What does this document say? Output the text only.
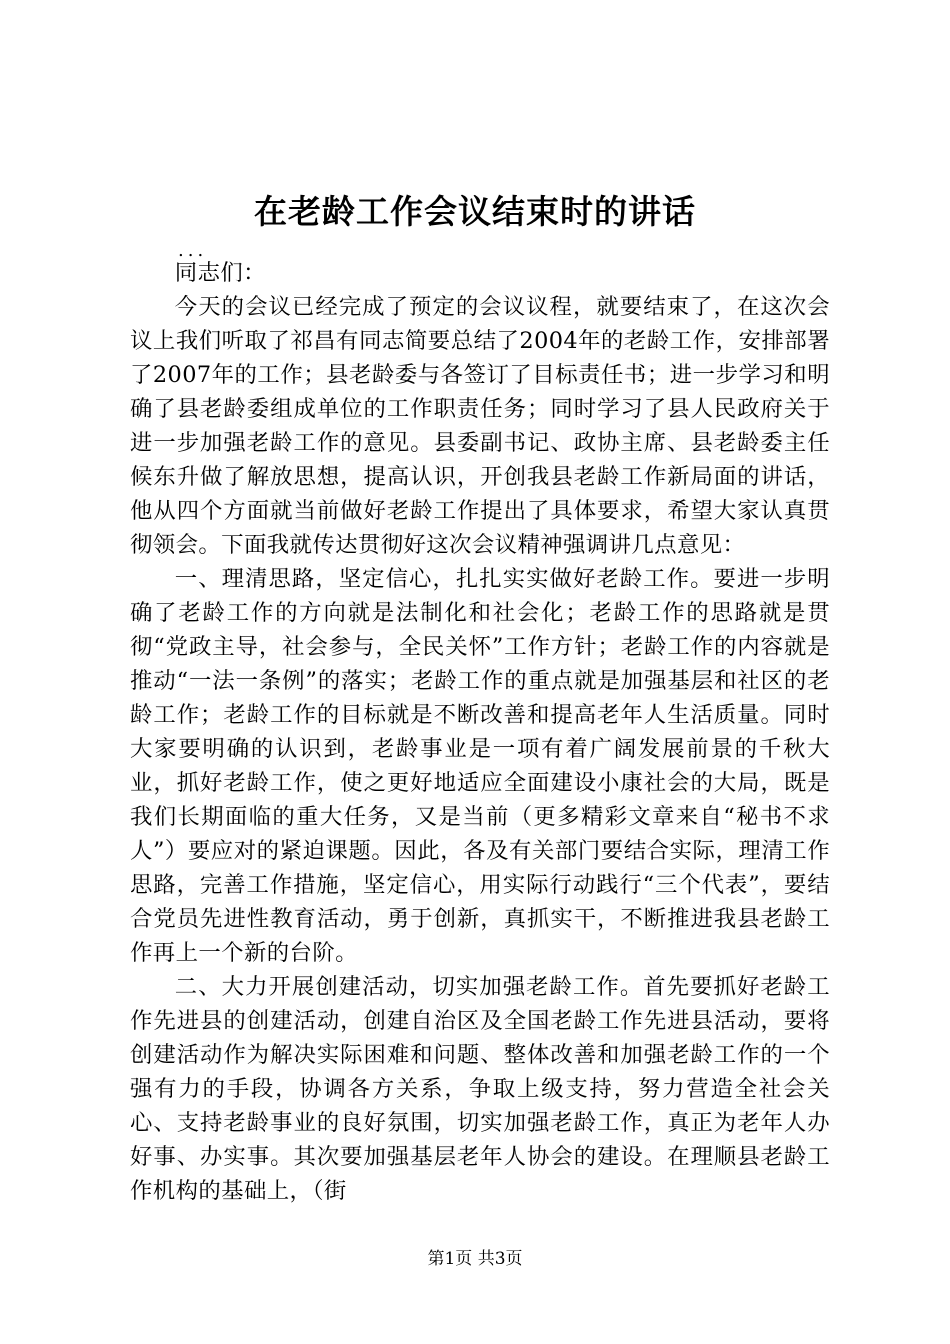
在老龄工作会议结束时的讲话
...

同志们：

今天的会议已经完成了预定的会议议程，就要结束了，在这次会议上我们听取了祁昌有同志简要总结了2004年的老龄工作，安排部署了2007年的工作；县老龄委与各签订了目标责任书；进一步学习和明确了县老龄委组成单位的工作职责任务；同时学习了县人民政府关于进一步加强老龄工作的意见。县委副书记、政协主席、县老龄委主任候东升做了解放思想，提高认识，开创我县老龄工作新局面的讲话，他从四个方面就当前做好老龄工作提出了具体要求，希望大家认真贯彻领会。下面我就传达贯彻好这次会议精神强调讲几点意见：

一、理清思路，坚定信心，扎扎实实做好老龄工作。要进一步明确了老龄工作的方向就是法制化和社会化；老龄工作的思路就是贯彻“党政主导，社会参与，全民关怀”工作方针；老龄工作的内容就是推动“一法一条例”的落实；老龄工作的重点就是加强基层和社区的老龄工作；老龄工作的目标就是不断改善和提高老年人生活质量。同时大家要明确的认识到，老龄事业是一项有着广阔发展前景的千秋大业，抓好老龄工作，使之更好地适应全面建设小康社会的大局，既是我们长期面临的重大任务，又是当前（更多精彩文章来自“秘书不求人”）要应对的紧迫课题。因此，各及有关部门要结合实际，理清工作思路，完善工作措施，坚定信心，用实际行动践行“三个代表”，要结合党员先进性教育活动，勇于创新，真抓实干，不断推进我县老龄工作再上一个新的台阶。

二、大力开展创建活动，切实加强老龄工作。首先要抓好老龄工作先进县的创建活动，创建自治区及全国老龄工作先进县活动，要将创建活动作为解决实际困难和问题、整体改善和加强老龄工作的一个强有力的手段，协调各方关系，争取上级支持，努力营造全社会关心、支持老龄事业的良好氛围，切实加强老龄工作，真正为老年人办好事、办实事。其次要加强基层老年人协会的建设。在理顺县老龄工作机构的基础上，（街

第1页 共3页
